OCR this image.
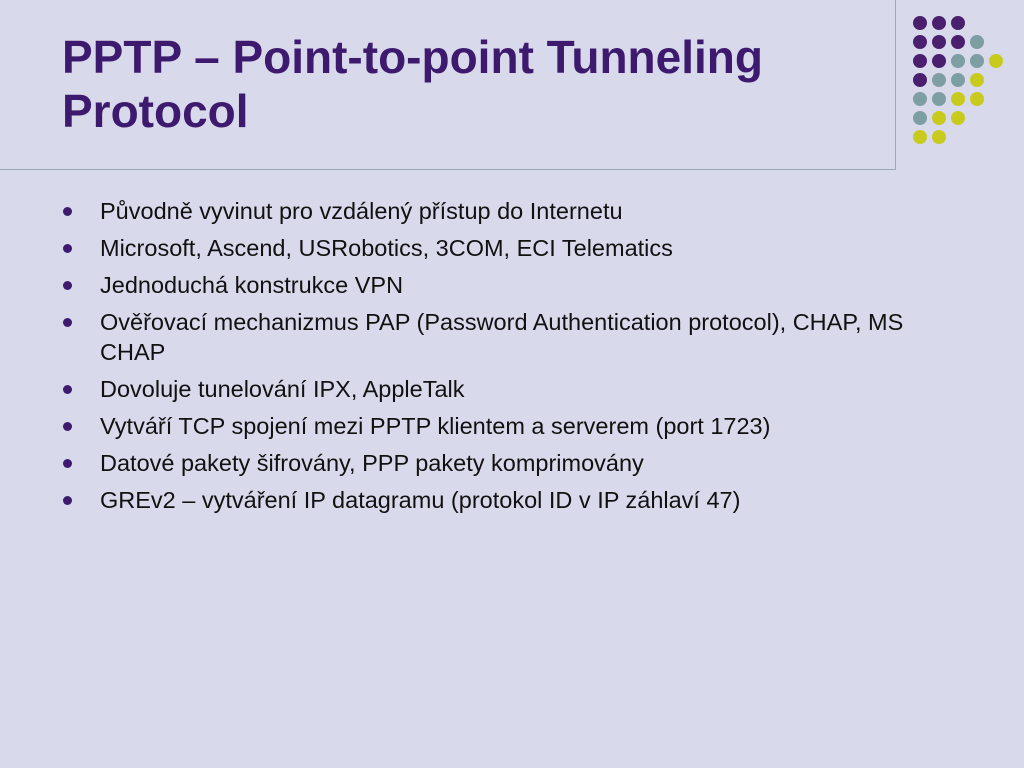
PPTP – Point-to-point Tunneling Protocol
Původně vyvinut pro vzdálený přístup do Internetu
Microsoft, Ascend, USRobotics, 3COM, ECI Telematics
Jednoduchá konstrukce VPN
Ověřovací mechanizmus PAP (Password Authentication protocol), CHAP, MS CHAP
Dovoluje tunelování IPX, AppleTalk
Vytváří TCP spojení mezi PPTP klientem a serverem (port 1723)
Datové pakety šifrovány, PPP pakety komprimovány
GREv2 – vytváření IP datagramu (protokol ID v IP záhlaví 47)
